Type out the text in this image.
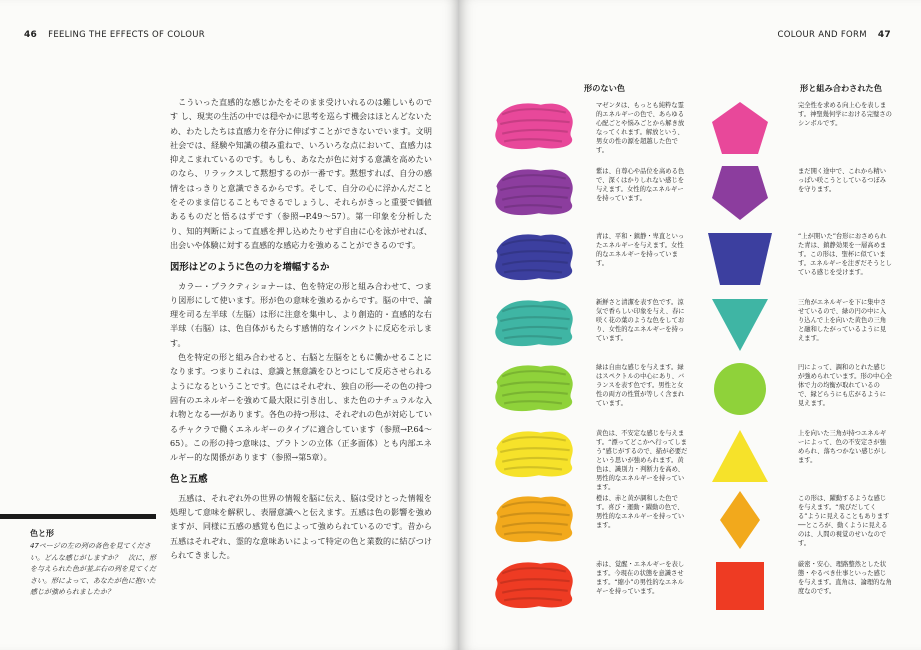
46 FEELING THE EFFECTS OF COLOUR

こういった直感的な感じかたをそのまま受けいれるのは難しいものです し、現実の生活の中では穏やかに思考を巡らす機会はほとんどないため、わたしたちは直感力を存分に伸ばすことができないでいます。文明社会では、経験や知識の積み重ねで、いろいろな点において、直感力は抑えこまれているのです。もしも、あなたが色に対する意識を高めたいのなら、リラックスして黙想するのが一番です。黙想すれば、自分の感情をはっきりと意識できるからです。そして、自分の心に浮かんだことをそのまま信じることもできるでしょうし、それらがきっと重要で価値あるものだと悟るはずです（参照→P.49～57）。第一印象を分析したり、知的判断によって直感を押し込めたりせず自由に心を泳がせれば、出会いや体験に対する直感的な感応力を強めることができるのです。

図形はどのように色の力を増幅するか

カラー・プラクティショナーは、色を特定の形と組み合わせて、つまり図形にして使います。形が色の意味を強めるからです。脳の中で、論理を司る左半球（左脳）は形に注意を集中し、より創造的・直感的な右半球（右脳）は、色自体がもたらす感情的なインパクトに反応を示します。

色を特定の形と組み合わせると、右脳と左脳をともに働かせることになります。つまりこれは、意識と無意識をひとつにして反応させられるようになるということです。色にはそれぞれ、独自の形──その色の持つ固有のエネルギーを強めて最大限に引き出し、また色のナチュラルな入れ物となる──があります。各色の持つ形は、それぞれの色が対応しているチャクラで働くエネルギーのタイプに適合しています（参照→P.64～65）。この形の持つ意味は、プラトンの立体（正多面体）とも内部エネルギー的な関係があります（参照→第5章）。

色と五感

五感は、それぞれ外の世界の情報を脳に伝え、脳は受けとった情報を処理して意味を解釈し、表層意識へと伝えます。五感は色の影響を強めますが、同様に五感の感覚も色によって強められているのです。昔から五感はそれぞれ、霊的な意味あいによって特定の色と業数的に結びつけられてきました。

色と形

47ページの左の列の各色を見てください。どんな感じがしますか？　次に、形を与えられた色が並ぶ右の列を見てください。形によって、あなたが色に抱いた感じが強められましたか？

COLOUR AND FORM 47
形のない色	形と組み合わされた色
マゼンタは、もっとも純粋な霊的エネルギーの色で、あらゆる心配ごとや悩みごとから解き放なってくれます。解放という、男女の性の源を超越した色です。
完全性を求める向上心を表します。神聖幾何学における完璧さのシンボルです。
紫は、自尊心や品位を高める色で、深くはかりしれない感じを与えます。女性的なエネルギーを持っています。
まだ開く途中で、これから精いっぱい咲こうとしているつぼみを守ります。
青は、平和・鎮静・卑直といったエネルギーを与えます。女性的なエネルギーを持っています。
“上が開いた”台形におさめられた青は、鎮静効果を一層高めます。この形は、聖杯に似ています。エネルギーを注ぎだそうとしている感じを受けます。
新鮮さと清潔を表す色です。涼気で香らしい印象を与え、春に咲く花の葉のような色をしており、女性的なエネルギーを持っています。
三角がエネルギーを下に集中させているので、緑の円の中に入り込んで上を向いた黄色の三角と融和したがっているように見えます。
緑は自由な感じを与えます。緑はスペクトルの中心にあり、バランスを表す色です。男性と女性の両方の性質が等しく含まれています。
円によって、調和のとれた感じが強められています。形の中心全体で力の均衡が取れているので、縁どらうにも広がるように見えます。
黄色は、不安定な感じを与えます。“漂ってどこかへ行ってしまう”感じがするので、描が必要だという思いが強められます。黄色は、識別力・判断力を高め、男性的なエネルギーを持っています。
上を向いた三角が持つエネルギーによって、色の不安定さが強められ、落ちつかない感じがします。
橙は、赤と黄が調和した色です。喜び・運動・躍動の色で、男性的なエネルギーを持っています。
この形は、躍動するような感じを与えます。“飛びだしてくる”ように見えることもあります──ところが、動くように見えるのは、人間の視覚のせいなのです。
赤は、覚醒・エネルギーを表します。今現在の状態を意識させます。“縮小”の男性的なエネルギーを持っています。
厳密・安心、理路整然とした状態・やるべき仕事といった感じを与えます。直角は、論理的な角度なのです。
